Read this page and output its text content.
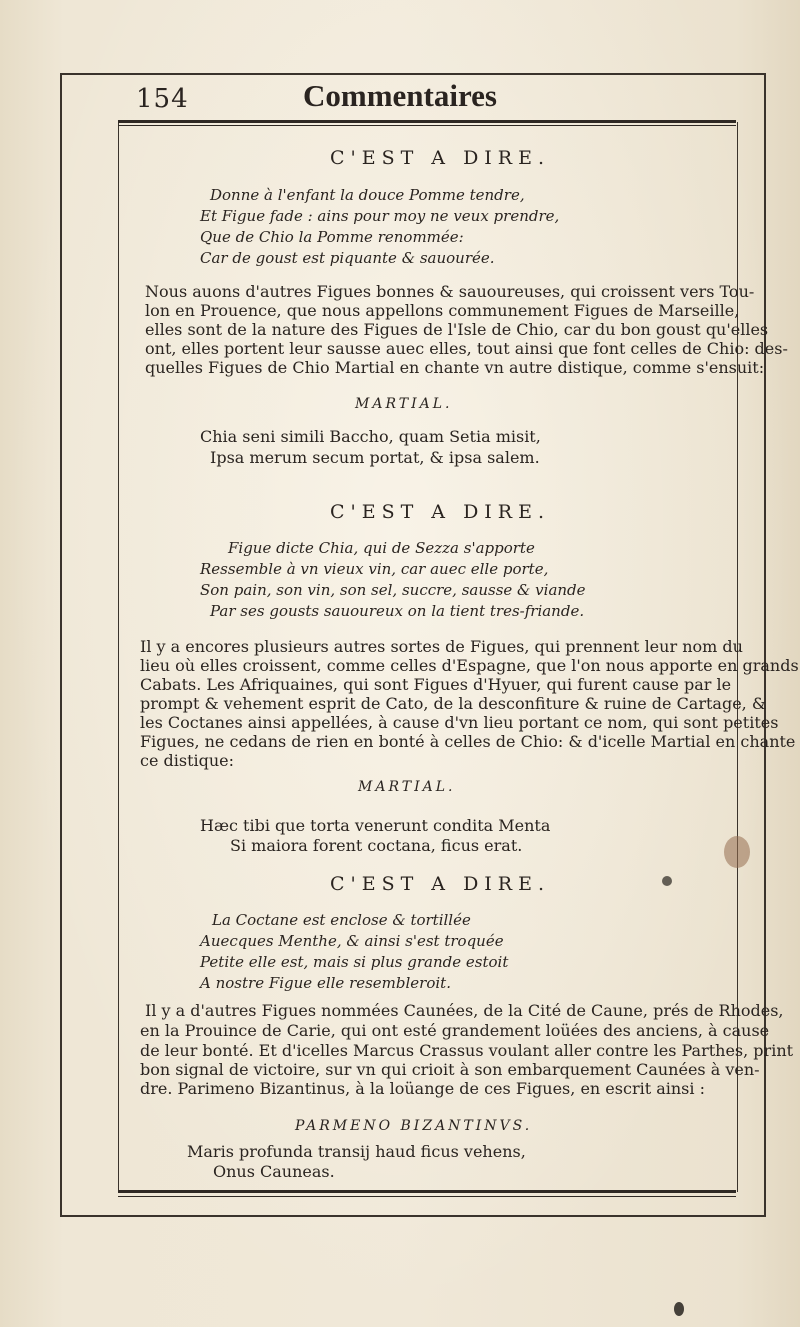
154	Commentaires
C'EST A DIRE.
Donne à l'enfant la douce Pomme tendre,
Et Figue fade : ains pour moy ne veux prendre,
Que de Chio la Pomme renommée:
Car de goust est piquante & sauourée.
Nous auons d'autres Figues bonnes & sauoureuses, qui croissent vers Tou-
lon en Prouence, que nous appellons communement Figues de Marseille,
elles sont de la nature des Figues de l'Isle de Chio, car du bon goust qu'elles
ont, elles portent leur sausse auec elles, tout ainsi que font celles de Chio: des-
quelles Figues de Chio Martial en chante vn autre distique, comme s'ensuit:
MARTIAL.
Chia seni simili Baccho, quam Setia misit,
Ipsa merum secum portat, & ipsa salem.
C'EST A DIRE.
Figue dicte Chia, qui de Sezza s'apporte
Ressemble à vn vieux vin, car auec elle porte,
Son pain, son vin, son sel, succre, sausse & viande
Par ses gousts sauoureux on la tient tres-friande.
Il y a encores plusieurs autres sortes de Figues, qui prennent leur nom du
lieu où elles croissent, comme celles d'Espagne, que l'on nous apporte en grands
Cabats. Les Afriquaines, qui sont Figues d'Hyuer, qui furent cause par le
prompt & vehement esprit de Cato, de la desconfiture & ruine de Cartage, &
les Coctanes ainsi appellées, à cause d'vn lieu portant ce nom, qui sont petites
Figues, ne cedans de rien en bonté à celles de Chio: & d'icelle Martial en chante
ce distique:
MARTIAL.
Hæc tibi que torta venerunt condita Menta
Si maiora forent coctana, ficus erat.
C'EST A DIRE.
La Coctane est enclose & tortillée
Auecques Menthe, & ainsi s'est troquée
Petite elle est, mais si plus grande estoit
A nostre Figue elle resembleroit.
Il y a d'autres Figues nommées Caunées, de la Cité de Caune, prés de Rhodes,
en la Prouince de Carie, qui ont esté grandement loüées des anciens, à cause
de leur bonté. Et d'icelles Marcus Crassus voulant aller contre les Parthes, print
bon signal de victoire, sur vn qui crioit à son embarquement Caunées à ven-
dre. Parimeno Bizantinus, à la loüange de ces Figues, en escrit ainsi :
PARMENO BIZANTINVS.
Maris profunda transij haud ficus vehens,
Onus Cauneas.
